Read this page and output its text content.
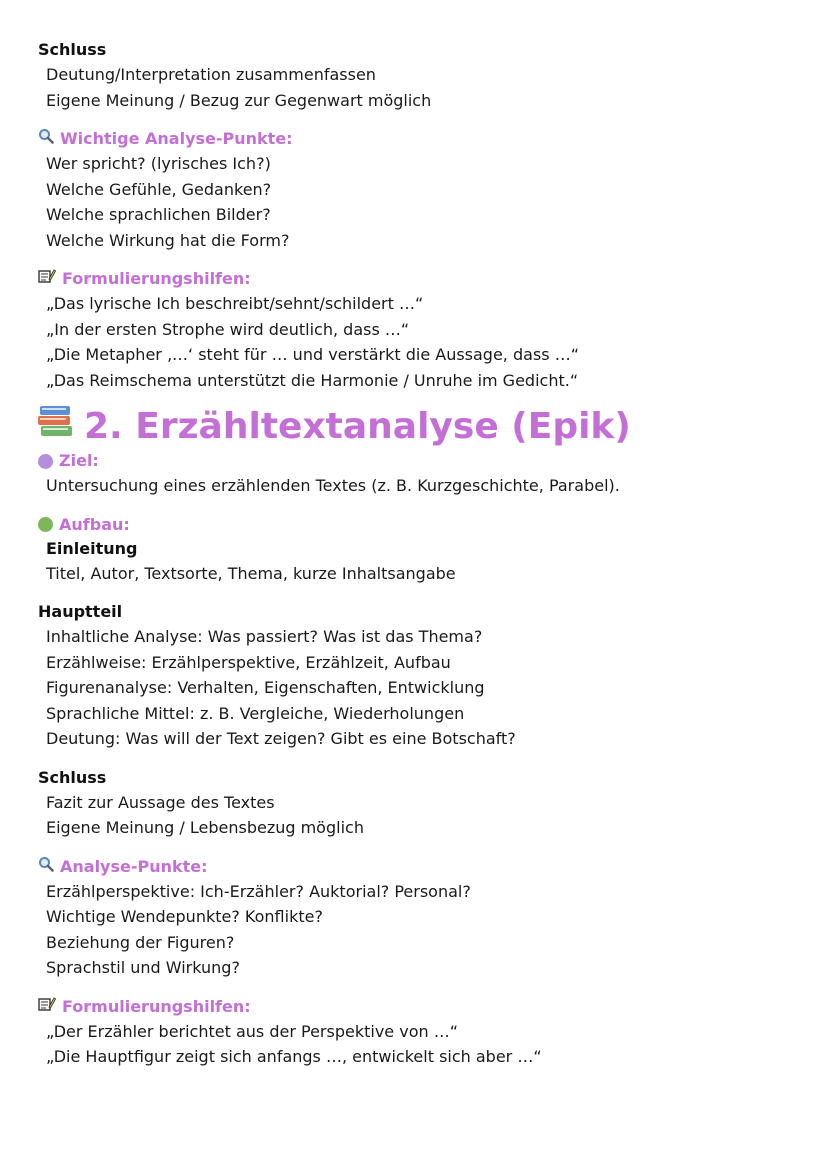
Schluss

Deutung/Interpretation zusammenfassen

Eigene Meinung / Bezug zur Gegenwart möglich

Wichtige Analyse-Punkte:

Wer spricht? (lyrisches Ich?)

Welche Gefühle, Gedanken?

Welche sprachlichen Bilder?

Welche Wirkung hat die Form?

Formulierungshilfen:

„Das lyrische Ich beschreibt/sehnt/schildert …“

„In der ersten Strophe wird deutlich, dass …“

„Die Metapher ‚…‘ steht für … und verstärkt die Aussage, dass …“

„Das Reimschema unterstützt die Harmonie / Unruhe im Gedicht.“

2. Erzähltextanalyse (Epik)

Ziel:

Untersuchung eines erzählenden Textes (z. B. Kurzgeschichte, Parabel).

Aufbau:

Einleitung

Titel, Autor, Textsorte, Thema, kurze Inhaltsangabe

Hauptteil

Inhaltliche Analyse: Was passiert? Was ist das Thema?

Erzählweise: Erzählperspektive, Erzählzeit, Aufbau

Figurenanalyse: Verhalten, Eigenschaften, Entwicklung

Sprachliche Mittel: z. B. Vergleiche, Wiederholungen

Deutung: Was will der Text zeigen? Gibt es eine Botschaft?

Schluss

Fazit zur Aussage des Textes

Eigene Meinung / Lebensbezug möglich

Analyse-Punkte:

Erzählperspektive: Ich-Erzähler? Auktorial? Personal?

Wichtige Wendepunkte? Konflikte?

Beziehung der Figuren?

Sprachstil und Wirkung?

Formulierungshilfen:

„Der Erzähler berichtet aus der Perspektive von …“

„Die Hauptfigur zeigt sich anfangs …, entwickelt sich aber …“
